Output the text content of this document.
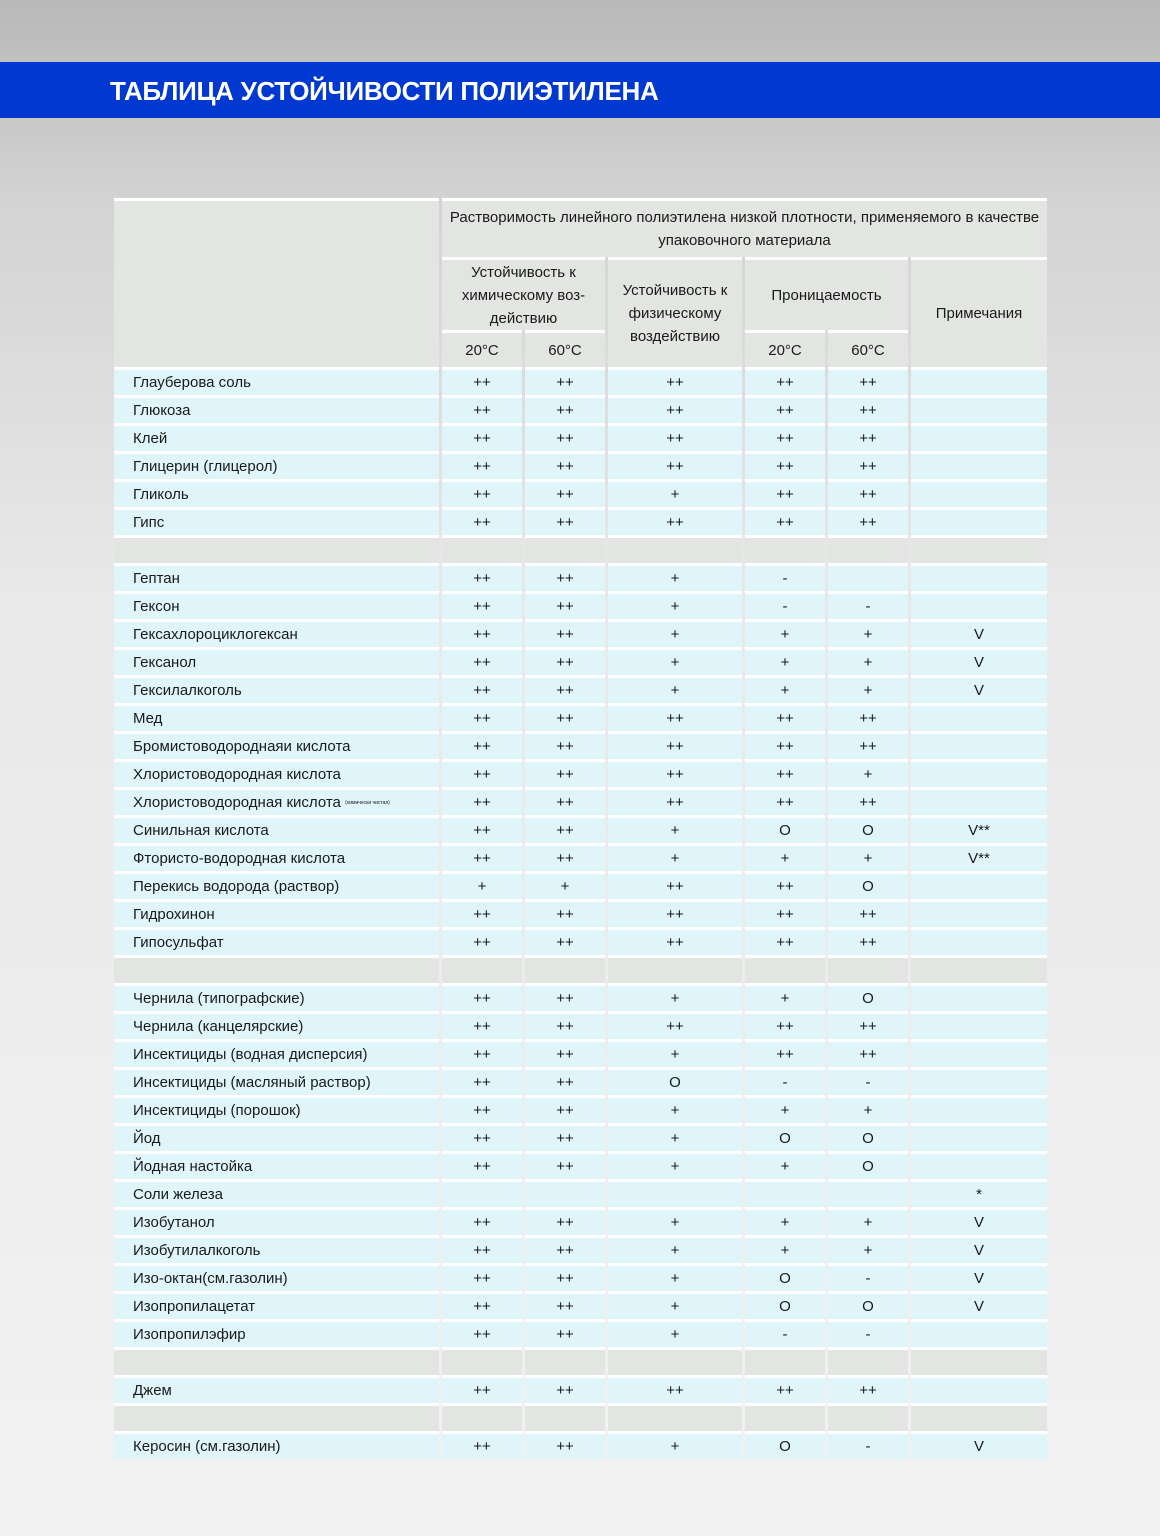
ТАБЛИЦА УСТОЙЧИВОСТИ ПОЛИЭТИЛЕНА
	Растворимость линейного полиэтилена низкой плотности, применяемого в качестве упаковочного материала					
	Устойчивость к химическому воз-действию		Устойчивость к физическому воздействию	Проницаемость		Примечания
	20°C	60°C		20°C	60°C	
Глауберова соль	++	++	++	++	++	
Глюкоза	++	++	++	++	++	
Клей	++	++	++	++	++	
Глицерин (глицерол)	++	++	++	++	++	
Гликоль	++	++	+	++	++	
Гипс	++	++	++	++	++	

Гептан	++	++	+	-		
Гексон	++	++	+	-	-	
Гексахлороциклогексан	++	++	+	+	+	V
Гексанол	++	++	+	+	+	V
Гексилалкоголь	++	++	+	+	+	V
Мед	++	++	++	++	++	
Бромистоводороднаяи кислота	++	++	++	++	++	
Хлористоводородная кислота	++	++	++	++	+	
Хлористоводородная кислота (химически чистая)	++	++	++	++	++	
Синильная кислота	++	++	+	O	O	V**
Фтористо-водородная кислота	++	++	+	+	+	V**
Перекись водорода (раствор)	+	+	++	++	O	
Гидрохинон	++	++	++	++	++	
Гипосульфат	++	++	++	++	++	

Чернила (типографские)	++	++	+	+	O	
Чернила (канцелярские)	++	++	++	++	++	
Инсектициды (водная дисперсия)	++	++	+	++	++	
Инсектициды (масляный раствор)	++	++	O	-	-	
Инсектициды (порошок)	++	++	+	+	+	
Йод	++	++	+	O	O	
Йодная настойка	++	++	+	+	O	
Соли железа						*
Изобутанол	++	++	+	+	+	V
Изобутилалкоголь	++	++	+	+	+	V
Изо-октан(см.газолин)	++	++	+	O	-	V
Изопропилацетат	++	++	+	O	O	V
Изопропилэфир	++	++	+	-	-	

Джем	++	++	++	++	++	

Керосин (см.газолин)	++	++	+	O	-	V
